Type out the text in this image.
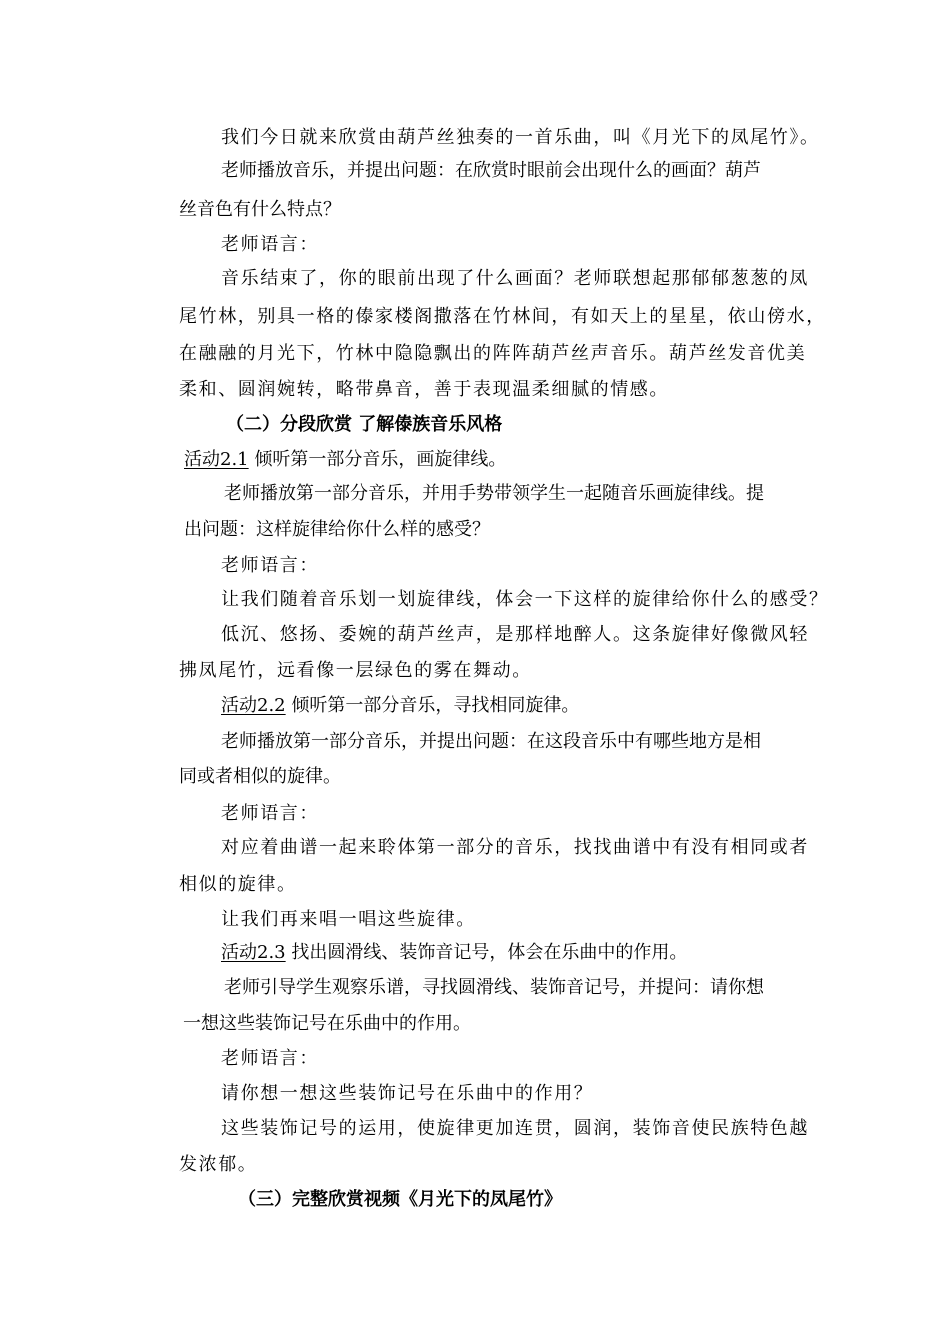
我们今日就来欣赏由葫芦丝独奏的一首乐曲，叫《月光下的凤尾竹》。
老师播放音乐，并提出问题：在欣赏时眼前会出现什么的画面？葫芦
丝音色有什么特点？
老师语言：
音乐结束了，你的眼前出现了什么画面？老师联想起那郁郁葱葱的凤
尾竹林，别具一格的傣家楼阁撒落在竹林间，有如天上的星星，依山傍水，
在融融的月光下，竹林中隐隐飘出的阵阵葫芦丝声音乐。葫芦丝发音优美
柔和、圆润婉转，略带鼻音，善于表现温柔细腻的情感。
（二）分段欣赏 了解傣族音乐风格
活动2.1 倾听第一部分音乐，画旋律线。
老师播放第一部分音乐，并用手势带领学生一起随音乐画旋律线。提
出问题：这样旋律给你什么样的感受？
老师语言：
让我们随着音乐划一划旋律线，体会一下这样的旋律给你什么的感受？
低沉、悠扬、委婉的葫芦丝声，是那样地醉人。这条旋律好像微风轻
拂凤尾竹，远看像一层绿色的雾在舞动。
活动2.2 倾听第一部分音乐，寻找相同旋律。
老师播放第一部分音乐，并提出问题：在这段音乐中有哪些地方是相
同或者相似的旋律。
老师语言：
对应着曲谱一起来聆体第一部分的音乐，找找曲谱中有没有相同或者
相似的旋律。
让我们再来唱一唱这些旋律。
活动2.3 找出圆滑线、装饰音记号，体会在乐曲中的作用。
老师引导学生观察乐谱，寻找圆滑线、装饰音记号，并提问：请你想
一想这些装饰记号在乐曲中的作用。
老师语言：
请你想一想这些装饰记号在乐曲中的作用？
这些装饰记号的运用，使旋律更加连贯，圆润，装饰音使民族特色越
发浓郁。
（三）完整欣赏视频《月光下的凤尾竹》
